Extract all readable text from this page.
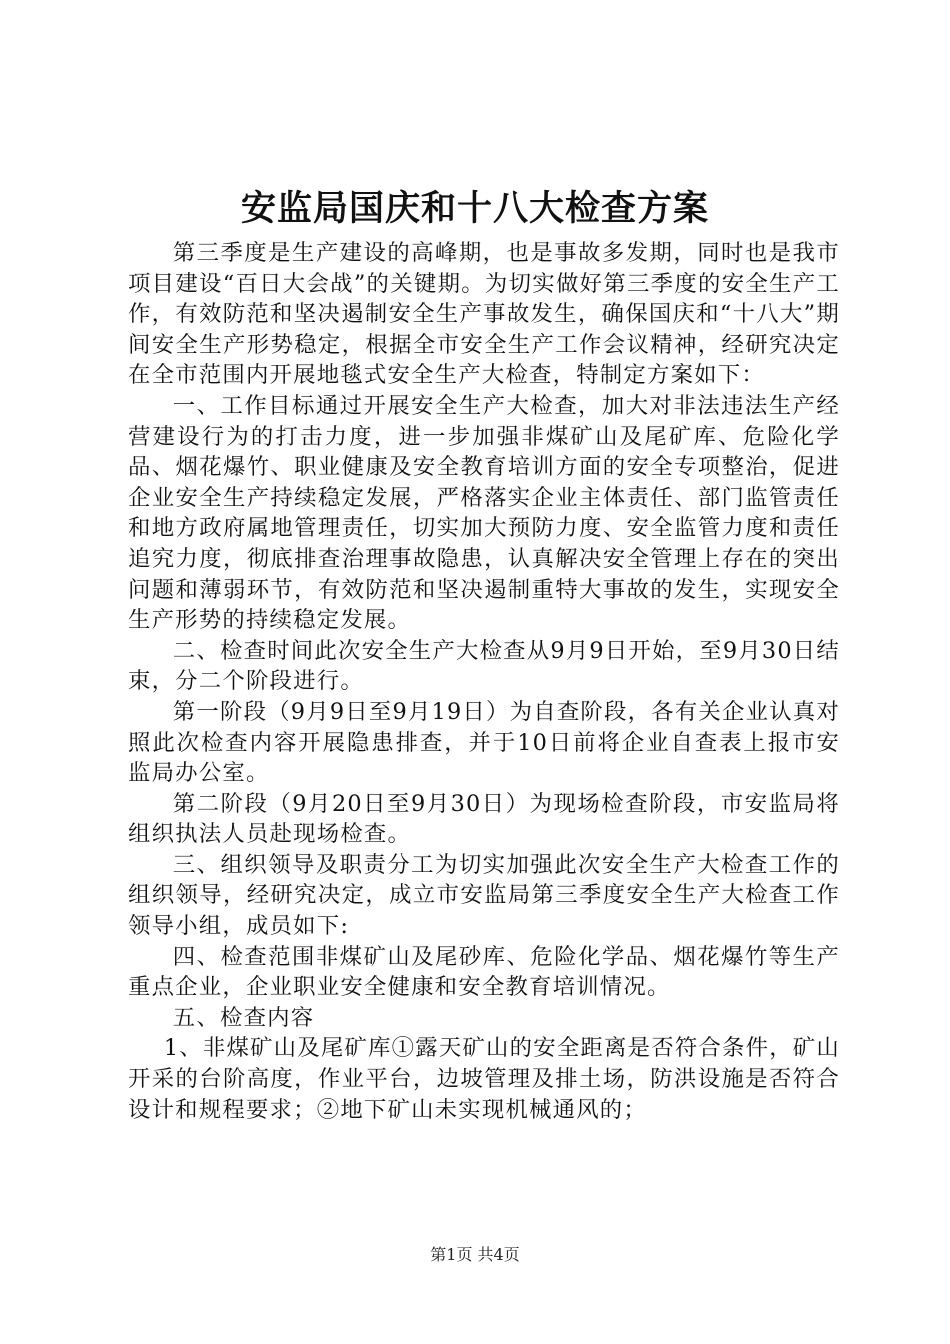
安监局国庆和十八大检查方案

第三季度是生产建设的高峰期，也是事故多发期，同时也是我市项目建设“百日大会战”的关键期。为切实做好第三季度的安全生产工作，有效防范和坚决遏制安全生产事故发生，确保国庆和“十八大”期间安全生产形势稳定，根据全市安全生产工作会议精神，经研究决定在全市范围内开展地毯式安全生产大检查，特制定方案如下：

一、工作目标通过开展安全生产大检查，加大对非法违法生产经营建设行为的打击力度，进一步加强非煤矿山及尾矿库、危险化学品、烟花爆竹、职业健康及安全教育培训方面的安全专项整治，促进企业安全生产持续稳定发展，严格落实企业主体责任、部门监管责任和地方政府属地管理责任，切实加大预防力度、安全监管力度和责任追究力度，彻底排查治理事故隐患，认真解决安全管理上存在的突出问题和薄弱环节，有效防范和坚决遏制重特大事故的发生，实现安全生产形势的持续稳定发展。

二、检查时间此次安全生产大检查从9月9日开始，至9月30日结束，分二个阶段进行。

第一阶段（9月9日至9月19日）为自查阶段，各有关企业认真对照此次检查内容开展隐患排查，并于10日前将企业自查表上报市安监局办公室。

第二阶段（9月20日至9月30日）为现场检查阶段，市安监局将组织执法人员赴现场检查。

三、组织领导及职责分工为切实加强此次安全生产大检查工作的组织领导，经研究决定，成立市安监局第三季度安全生产大检查工作领导小组，成员如下:

四、检查范围非煤矿山及尾砂库、危险化学品、烟花爆竹等生产重点企业，企业职业安全健康和安全教育培训情况。

五、检查内容

1、非煤矿山及尾矿库①露天矿山的安全距离是否符合条件，矿山开采的台阶高度，作业平台，边坡管理及排土场，防洪设施是否符合设计和规程要求；②地下矿山未实现机械通风的；

第1页 共4页
